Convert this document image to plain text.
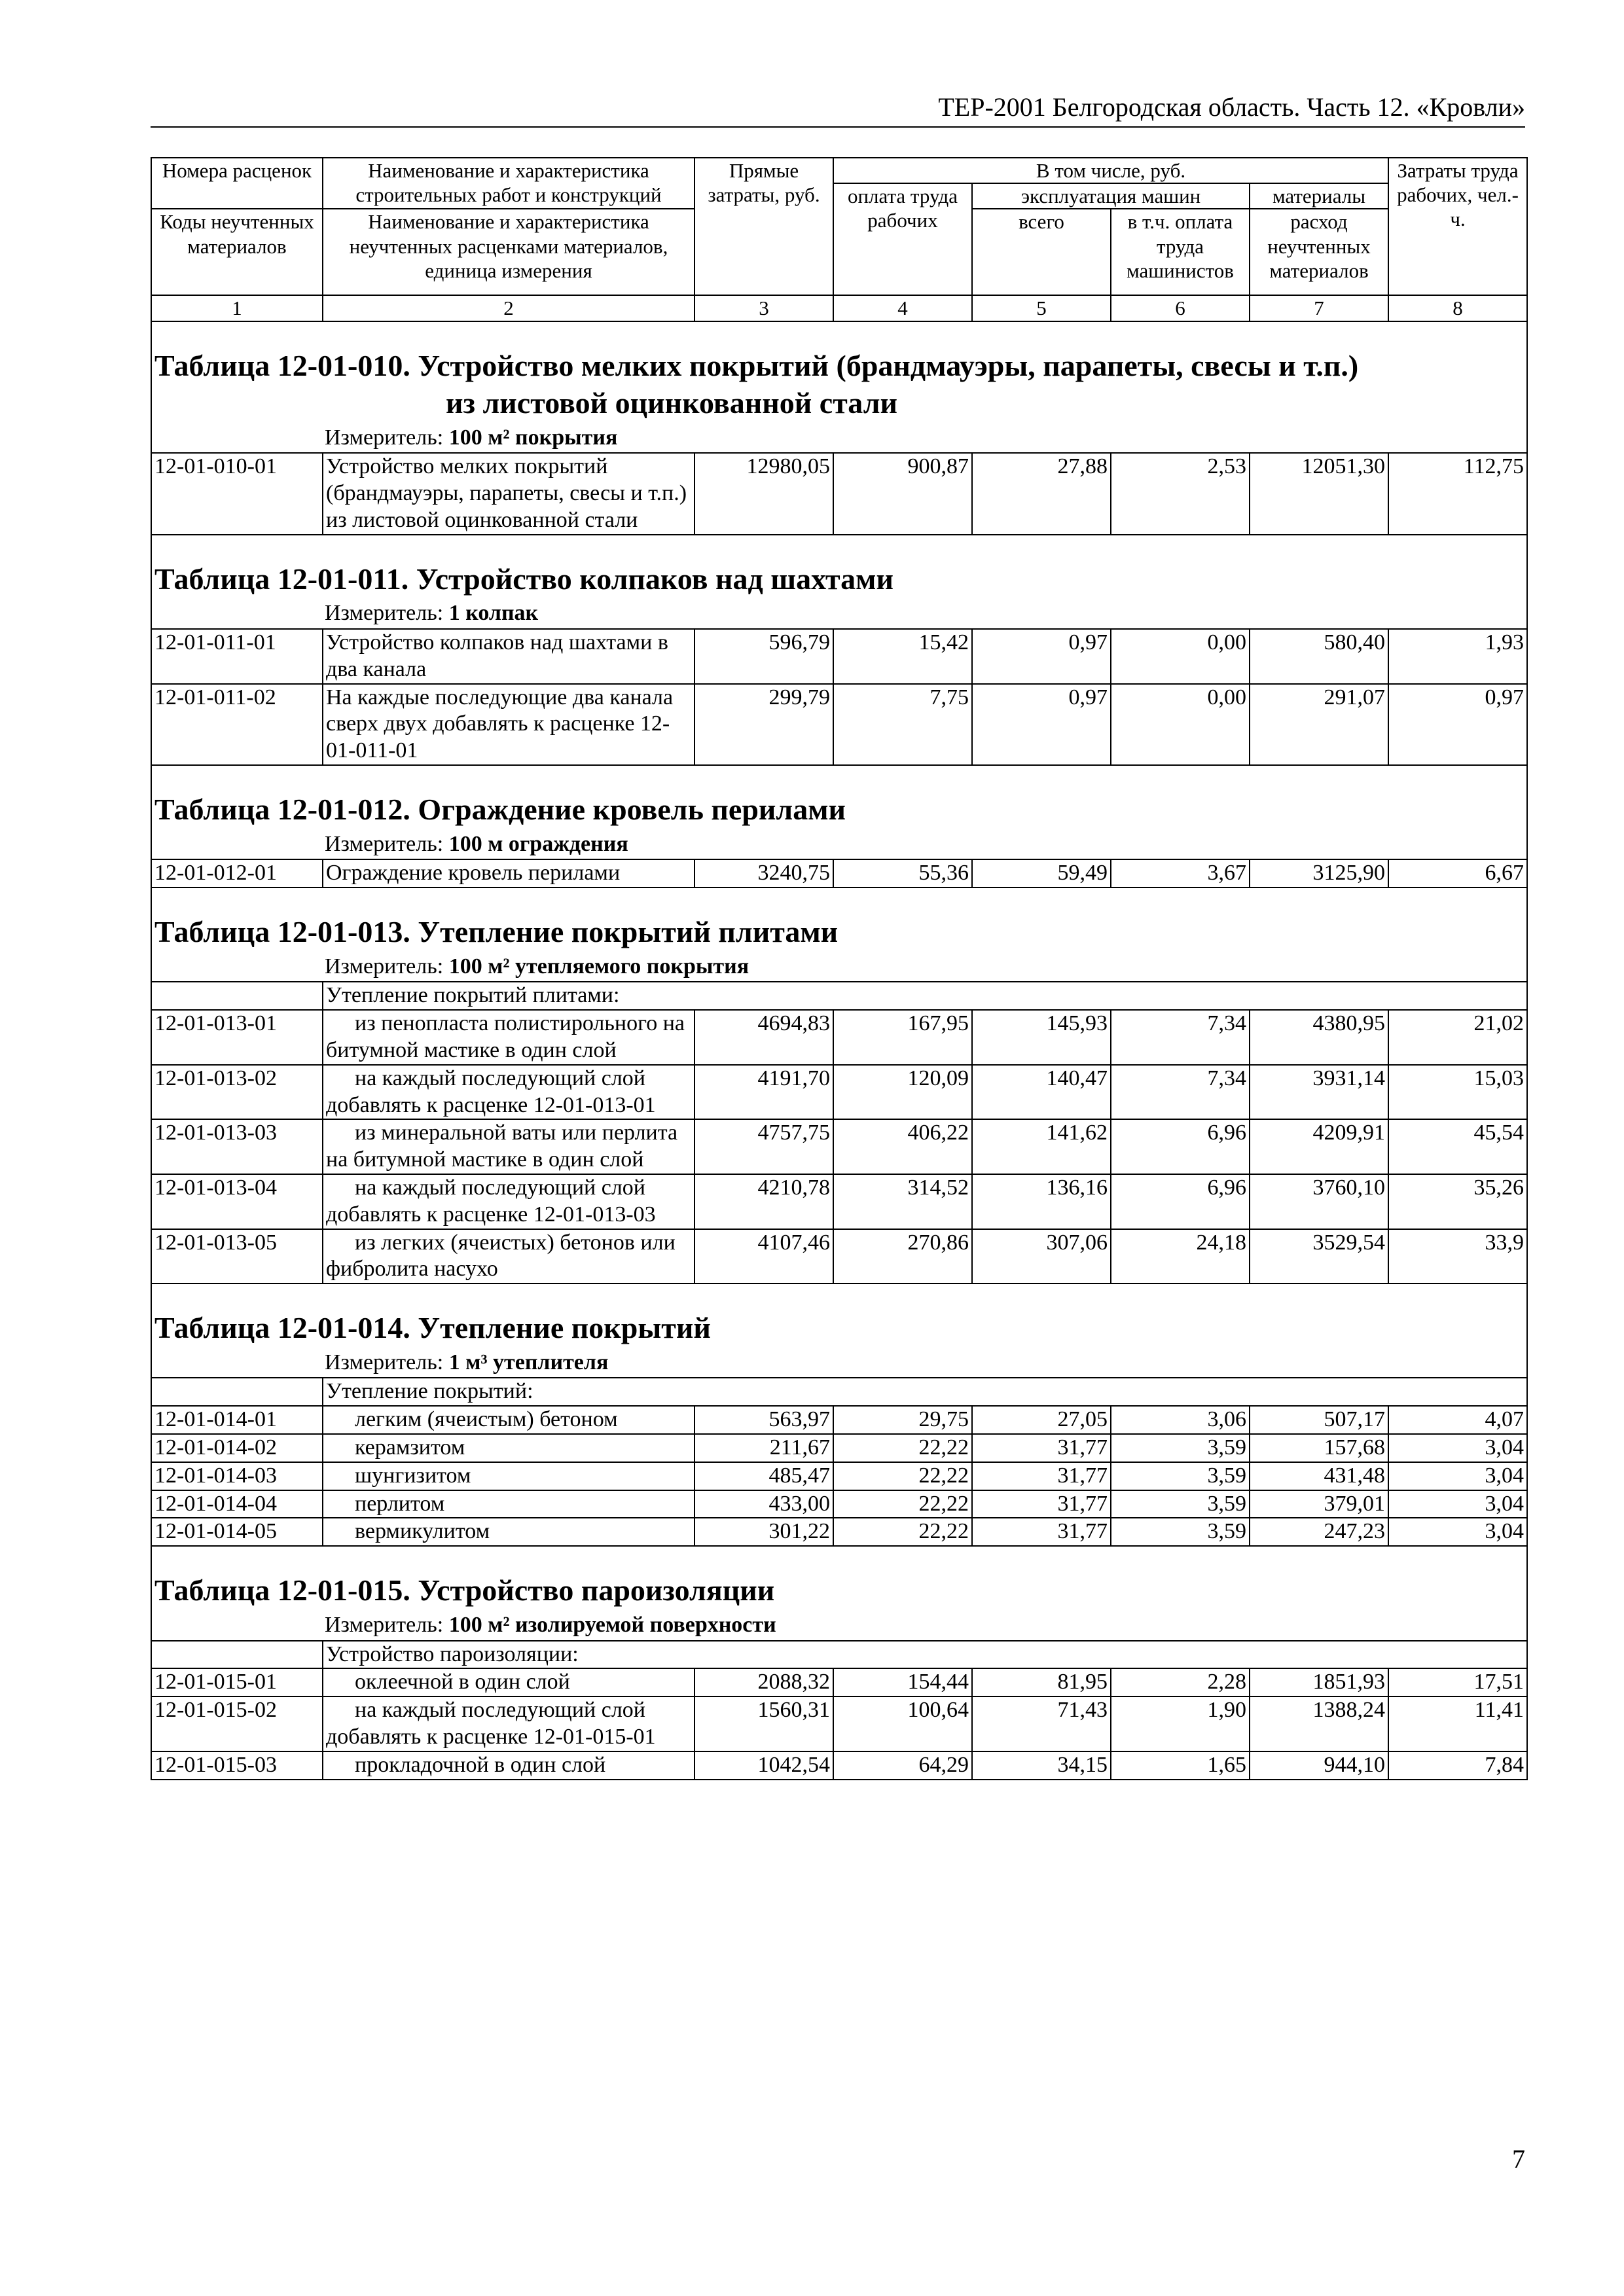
ТЕР-2001 Белгородская область. Часть 12. «Кровли»
Номера расценок	Наименование и характеристика строительных работ и конструкций	Прямые затраты, руб.	В том числе, руб.				Затраты труда рабочих, чел.-ч.
			оплата труда рабочих	эксплуатация машин		материалы	
Коды неучтенных материалов	Наименование и характеристика неучтенных расценками материалов, единица измерения			всего	в т.ч. оплата труда машинистов	расход неучтенных материалов	

1	2	3	4	5	6	7	8

Таблица 12-01-010. Устройство мелких покрытий (брандмауэры, парапеты, свесы и т.п.)
из листовой оцинкованной стали
Измеритель: 100 м² покрытия							

12-01-010-01	Устройство мелких покрытий (брандмауэры, парапеты, свесы и т.п.) из листовой оцинкованной стали	12980,05	900,87	27,88	2,53	12051,30	112,75

Таблица 12-01-011. Устройство колпаков над шахтами
Измеритель: 1 колпак							

12-01-011-01	Устройство колпаков над шахтами в два канала	596,79	15,42	0,97	0,00	580,40	1,93
12-01-011-02	На каждые последующие два канала сверх двух добавлять к расценке 12-01-011-01	299,79	7,75	0,97	0,00	291,07	0,97

Таблица 12-01-012. Ограждение кровель перилами
Измеритель: 100 м ограждения							

12-01-012-01	Ограждение кровель перилами	3240,75	55,36	59,49	3,67	3125,90	6,67

Таблица 12-01-013. Утепление покрытий плитами
Измеритель: 100 м² утепляемого покрытия							

	Утепление покрытий плитами:						
12-01-013-01	из пенопласта полистирольного на битумной мастике в один слой	4694,83	167,95	145,93	7,34	4380,95	21,02
12-01-013-02	на каждый последующий слой добавлять к расценке 12-01-013-01	4191,70	120,09	140,47	7,34	3931,14	15,03
12-01-013-03	из минеральной ваты или перлита на битумной мастике в один слой	4757,75	406,22	141,62	6,96	4209,91	45,54
12-01-013-04	на каждый последующий слой добавлять к расценке 12-01-013-03	4210,78	314,52	136,16	6,96	3760,10	35,26
12-01-013-05	из легких (ячеистых) бетонов или фибролита насухо	4107,46	270,86	307,06	24,18	3529,54	33,9

Таблица 12-01-014. Утепление покрытий
Измеритель: 1 м³ утеплителя							

	Утепление покрытий:						
12-01-014-01	легким (ячеистым) бетоном	563,97	29,75	27,05	3,06	507,17	4,07
12-01-014-02	керамзитом	211,67	22,22	31,77	3,59	157,68	3,04
12-01-014-03	шунгизитом	485,47	22,22	31,77	3,59	431,48	3,04
12-01-014-04	перлитом	433,00	22,22	31,77	3,59	379,01	3,04
12-01-014-05	вермикулитом	301,22	22,22	31,77	3,59	247,23	3,04

Таблица 12-01-015. Устройство пароизоляции
Измеритель: 100 м² изолируемой поверхности							

	Устройство пароизоляции:						
12-01-015-01	оклеечной в один слой	2088,32	154,44	81,95	2,28	1851,93	17,51
12-01-015-02	на каждый последующий слой добавлять к расценке 12-01-015-01	1560,31	100,64	71,43	1,90	1388,24	11,41
12-01-015-03	прокладочной в один слой	1042,54	64,29	34,15	1,65	944,10	7,84
7
